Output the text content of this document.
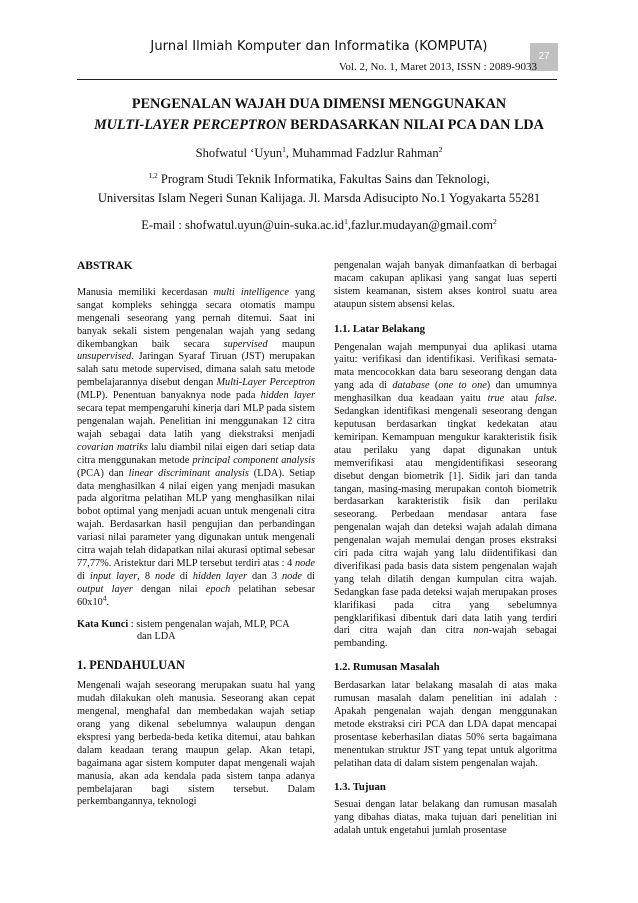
Jurnal Ilmiah Komputer dan Informatika (KOMPUTA)
27
Vol. 2, No. 1, Maret 2013, ISSN : 2089-9033
PENGENALAN WAJAH DUA DIMENSI MENGGUNAKAN
MULTI-LAYER PERCEPTRON BERDASARKAN NILAI PCA DAN LDA
Shofwatul ‘Uyun$^1$, Muhammad Fadzlur Rahman$^2$
$^{1,2}$ Program Studi Teknik Informatika, Fakultas Sains dan Teknologi,
Universitas Islam Negeri Sunan Kalijaga. Jl. Marsda Adisucipto No.1 Yogyakarta 55281
E-mail : $shofwatul.uyun@uin-suka.ac.id^1,fazlur.mudayan@gmail.com^2$

ABSTRAK

Manusia memiliki kecerdasan multi intelligence yang sangat kompleks sehingga secara otomatis mampu mengenali seseorang yang pernah ditemui. Saat ini banyak sekali sistem pengenalan wajah yang sedang dikembangkan baik secara supervised maupun unsupervised. Jaringan Syaraf Tiruan (JST) merupakan salah satu metode supervised, dimana salah satu metode pembelajarannya disebut dengan Multi-Layer Perceptron (MLP). Penentuan banyaknya node pada hidden layer secara tepat mempengaruhi kinerja dari MLP pada sistem pengenalan wajah. Penelitian ini menggunakan 12 citra wajah sebagai data latih yang diekstraksi menjadi covarian matriks lalu diambil nilai eigen dari setiap data citra menggunakan metode principal component analysis (PCA) dan linear discriminant analysis (LDA). Setiap data menghasilkan 4 nilai eigen yang menjadi masukan pada algoritma pelatihan MLP yang menghasilkan nilai bobot optimal yang menjadi acuan untuk mengenali citra wajah. Berdasarkan hasil pengujian dan perbandingan variasi nilai parameter yang digunakan untuk mengenali citra wajah telah didapatkan nilai akurasi optimal sebesar 77,77%. Aristektur dari MLP tersebut terdiri atas : 4 node di input layer, 8 node di hidden layer dan 3 node di output layer dengan nilai epoch pelatihan sebesar $60x10^4$.

Kata Kunci : sistem pengenalan wajah, MLP, PCA

dan LDA

1. PENDAHULUAN

Mengenali wajah seseorang merupakan suatu hal yang mudah dilakukan oleh manusia. Seseorang akan cepat mengenal, menghafal dan membedakan wajah setiap orang yang dikenal sebelumnya walaupun dengan ekspresi yang berbeda-beda ketika ditemui, atau bahkan dalam keadaan terang maupun gelap. Akan tetapi, bagaimana agar sistem komputer dapat mengenali wajah manusia, akan ada kendala pada sistem tanpa adanya pembelajaran bagi sistem tersebut. Dalam perkembangannya, teknologi

pengenalan wajah banyak dimanfaatkan di berbagai macam cakupan aplikasi yang sangat luas seperti sistem keamanan, sistem akses kontrol suatu area ataupun sistem absensi kelas.

1.1. Latar Belakang

Pengenalan wajah mempunyai dua aplikasi utama yaitu: verifikasi dan identifikasi. Verifikasi semata-mata mencocokkan data baru seseorang dengan data yang ada di database (one to one) dan umumnya menghasilkan dua keadaan yaitu true atau false. Sedangkan identifikasi mengenali seseorang dengan keputusan berdasarkan tingkat kedekatan atau kemiripan. Kemampuan mengukur karakteristik fisik atau perilaku yang dapat digunakan untuk memverifikasi atau mengidentifikasi seseorang disebut dengan biometrik [1]. Sidik jari dan tanda tangan, masing-masing merupakan contoh biometrik berdasarkan karakteristik fisik dan perilaku seseorang. Perbedaan mendasar antara fase pengenalan wajah dan deteksi wajah adalah dimana pengenalan wajah memulai dengan proses ekstraksi ciri pada citra wajah yang lalu diidentifikasi dan diverifikasi pada basis data sistem pengenalan wajah yang telah dilatih dengan kumpulan citra wajah. Sedangkan fase pada deteksi wajah merupakan proses klarifikasi pada citra yang sebelumnya pengklarifikasi dibentuk dari data latih yang terdiri dari citra wajah dan citra non-wajah sebagai pembanding.

1.2. Rumusan Masalah

Berdasarkan latar belakang masalah di atas maka rumusan masalah dalam penelitian ini adalah : Apakah pengenalan wajah dengan menggunakan metode ekstraksi ciri PCA dan LDA dapat mencapai prosentase keberhasilan diatas 50% serta bagaimana menentukan struktur JST yang tepat untuk algoritma pelatihan data di dalam sistem pengenalan wajah.

1.3. Tujuan

Sesuai dengan latar belakang dan rumusan masalah yang dibahas diatas, maka tujuan dari penelitian ini adalah untuk engetahui jumlah prosentase
